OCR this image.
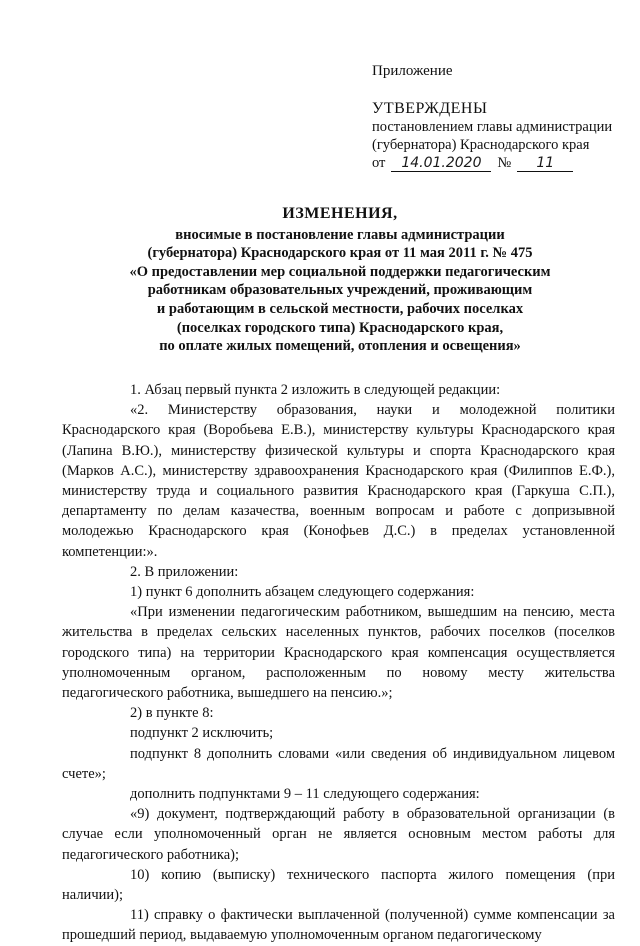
Приложение

УТВЕРЖДЕНЫ

постановлением главы администрации

(губернатора) Краснодарского края

от 14.01.2020 № 11

ИЗМЕНЕНИЯ,

вносимые в постановление главы администрации

(губернатора) Краснодарского края от 11 мая 2011 г. № 475

«О предоставлении мер социальной поддержки педагогическим

работникам образовательных учреждений, проживающим

и работающим в сельской местности, рабочих поселках

(поселках городского типа) Краснодарского края,

по оплате жилых помещений, отопления и освещения»

1. Абзац первый пункта 2 изложить в следующей редакции:

«2. Министерству образования, науки и молодежной политики Краснодарского края (Воробьева Е.В.), министерству культуры Краснодарского края (Лапина В.Ю.), министерству физической культуры и спорта Краснодарского края (Марков А.С.), министерству здравоохранения Краснодарского края (Филиппов Е.Ф.), министерству труда и социального развития Краснодарского края (Гаркуша С.П.), департаменту по делам казачества, военным вопросам и работе с допризывной молодежью Краснодарского края (Конофьев Д.С.) в пределах установленной компетенции:».

2. В приложении:

1) пункт 6 дополнить абзацем следующего содержания:

«При изменении педагогическим работником, вышедшим на пенсию, места жительства в пределах сельских населенных пунктов, рабочих поселков (поселков городского типа) на территории Краснодарского края компенсация осуществляется уполномоченным органом, расположенным по новому месту жительства педагогического работника, вышедшего на пенсию.»;

2) в пункте 8:

подпункт 2 исключить;

подпункт 8 дополнить словами «или сведения об индивидуальном лицевом счете»;

дополнить подпунктами 9 – 11 следующего содержания:

«9) документ, подтверждающий работу в образовательной организации (в случае если уполномоченный орган не является основным местом работы для педагогического работника);

10) копию (выписку) технического паспорта жилого помещения (при наличии);

11) справку о фактически выплаченной (полученной) сумме компенсации за прошедший период, выдаваемую уполномоченным органом педагогическому
